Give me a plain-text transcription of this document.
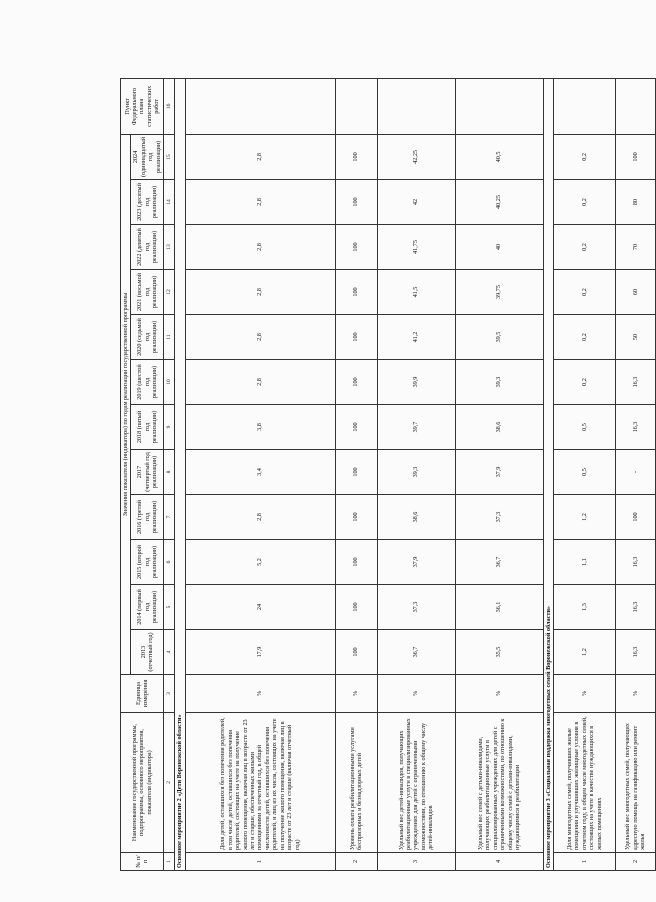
№ п/п	Наименование государственной программы, подпрограммы, основного мероприятия, показателя (индикатора)	Единица измерения	Значения показателя (индикатора) по годам реализации государственной программы												Пункт Федерального плана статистических работ
			2013 (отчетный год)	2014 (первый год реализации)	2015 (второй год реализации)	2016 (третий год реализации)	2017 (четвертый год реализации)	2018 (пятый год реализации)	2019 (шестой год реализации)	2020 (седьмой год реализации)	2021 (восьмой год реализации)	2022 (девятый год реализации)	2023 (десятый год реализации)	2024 (одиннадцатый год реализации)	
1	2	3	4	5	6	7	8	9	10	11	12	13	14	15	16
Основное мероприятие 2 «Дети Воронежской области»															
1	Доля детей, оставшихся без попечения родителей, в том числе детей, оставшихся без попечения родителей, состоящих на учете на получение жилого помещения, включая лиц в возрасте от 23 лет и старше, обеспеченных жилыми помещениями за отчетный год, в общей численности детей, оставшихся без попечения родителей, и лиц из их числа, состоящих на учете на получение жилого помещения, включая лиц в возрасте от 23 лет и старше (включая отчетный год)	%	17,9	24	5,2	2,8	3,4	3,8	2,8	2,8	2,8	2,8	2,8	2,8	
2	Уровень охвата реабилитационными услугами беспризорных и безнадзорных детей	%	100	100	100	100	100	100	100	100	100	100	100	100	
3	Удельный вес детей-инвалидов, получающих реабилитационные услуги в специализированных учреждениях для детей с ограниченными возможностями, по отношению к общему числу детей-инвалидов	%	36,7	37,3	37,9	38,6	39,3	39,7	39,9	41,2	41,5	41,75	42	42,25	
4	Удельный вес семей с детьми-инвалидами, получающих реабилитационные услуги в специализированных учреждениях для детей с ограниченными возможностями, по отношению к общему числу семей с детьми-инвалидами, нуждающимися в реабилитации	%	35,5	36,1	36,7	37,3	37,9	38,6	39,3	39,5	39,75	40	40,25	40,5	
Основное мероприятие 3 «Социальная поддержка многодетных семей Воронежской области»															
1	Доля многодетных семей, получивших жилые помещения и улучшивших жилищные условия в отчетном году, в общем числе многодетных семей, состоящих на учете в качестве нуждающихся в жилых помещениях	%	1,2	1,3	1,1	1,2	0,5	0,5	0,2	0,2	0,2	0,2	0,2	0,2	
2	Удельный вес многодетных семей, получающих адресную помощь на газификацию или ремонт жилья	%	16,3	16,3	16,3	100	-	16,3	16,3	50	60	70	80	100	
